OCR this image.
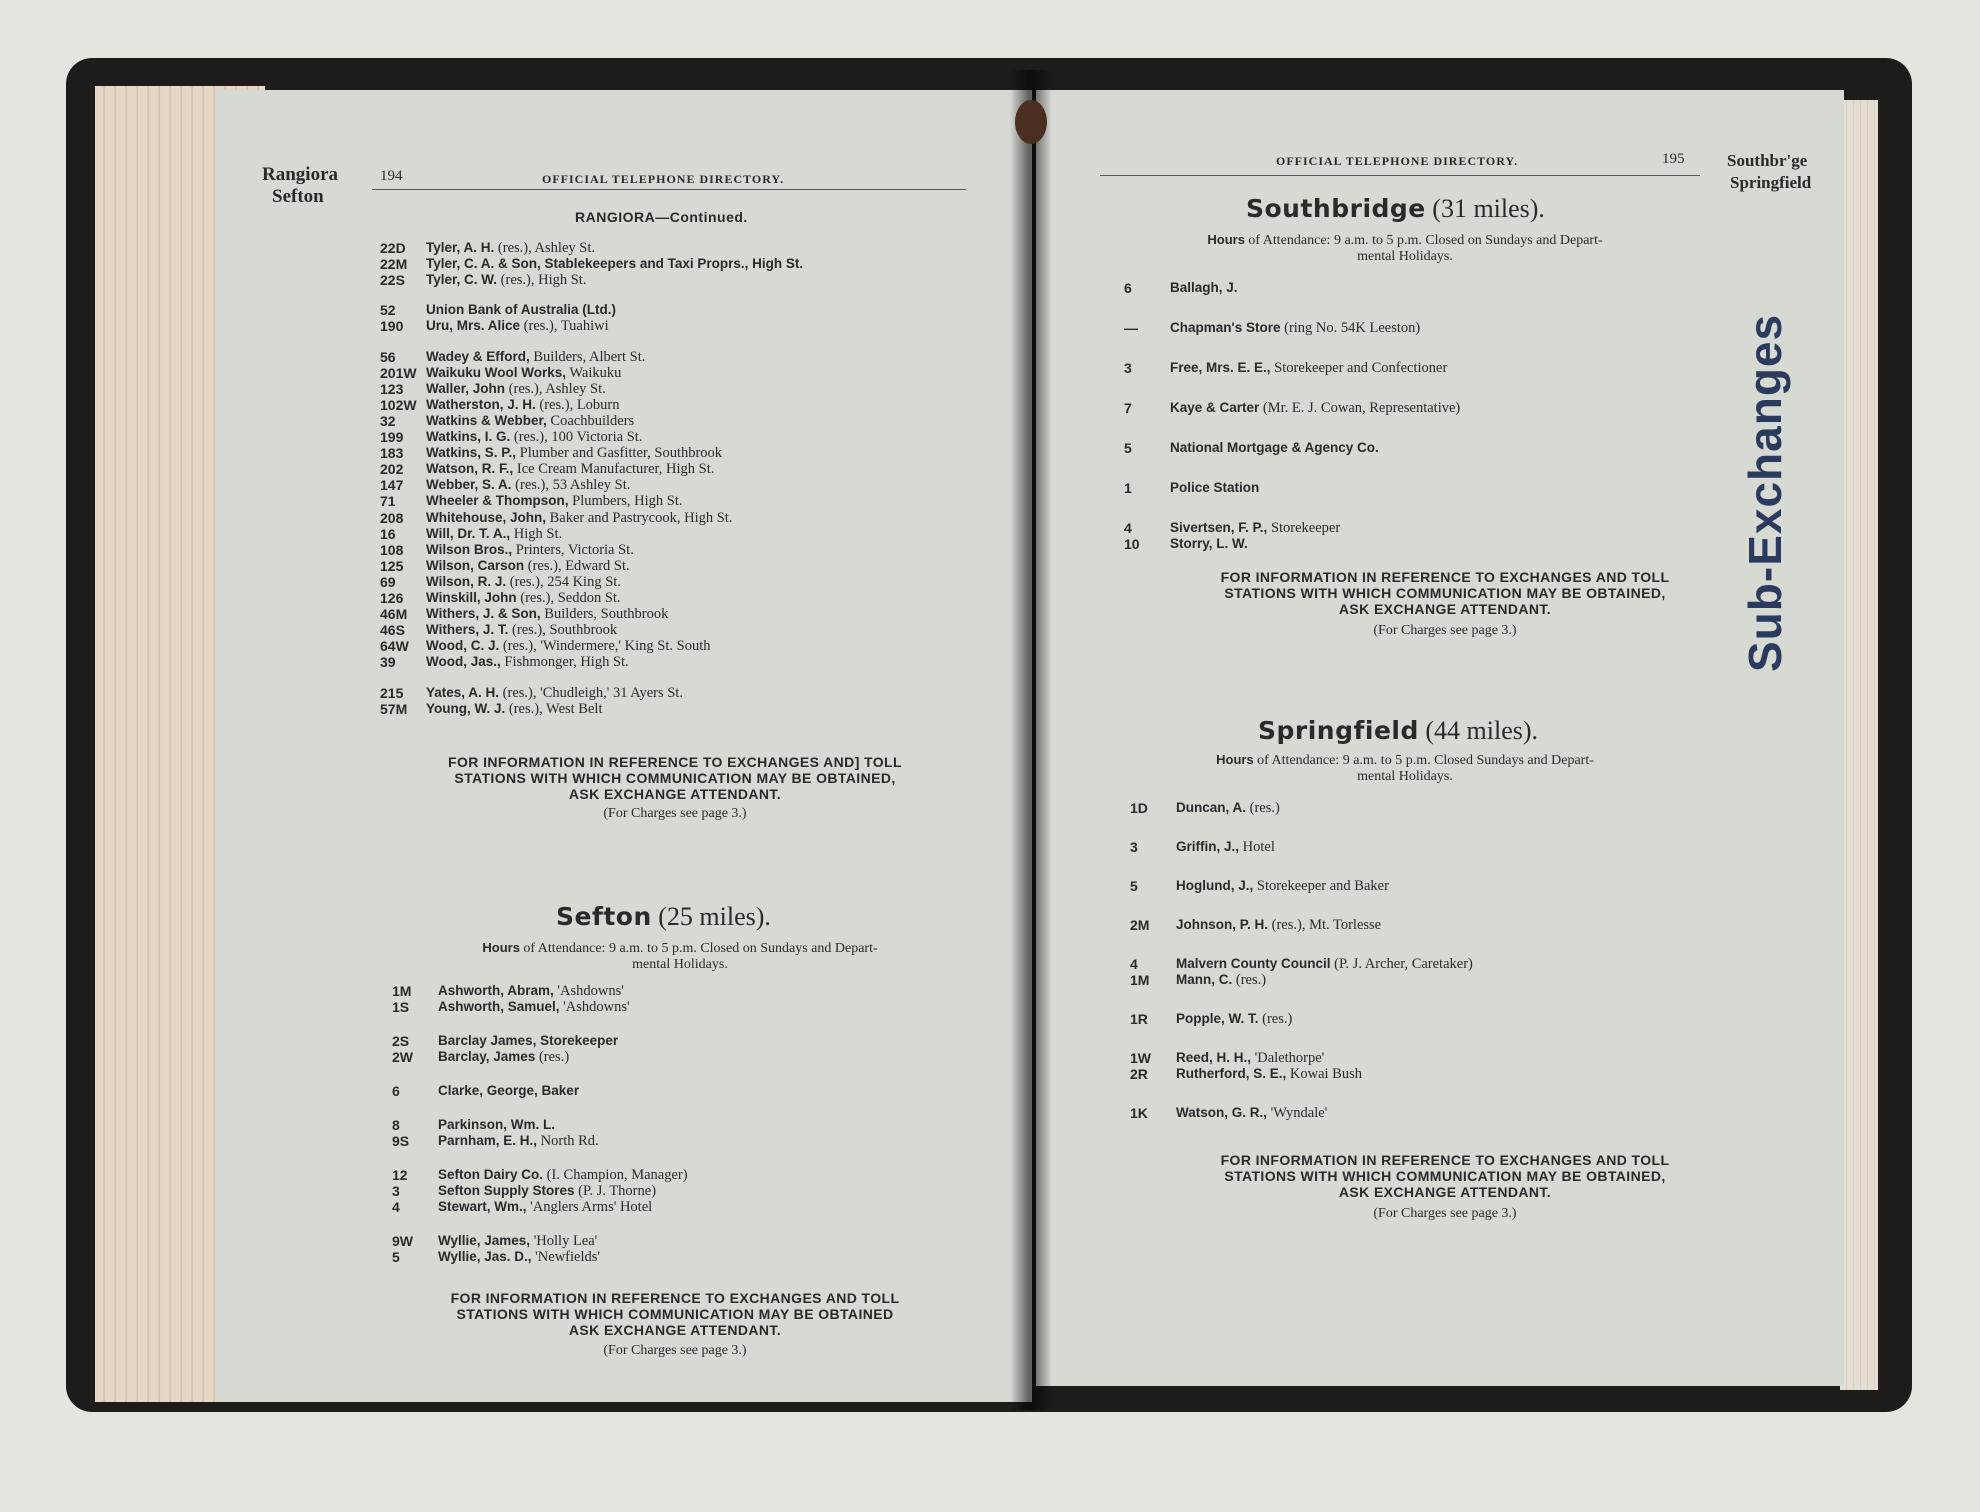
Rangiora
Sefton
194	OFFICIAL TELEPHONE DIRECTORY.
RANGIORA—Continued.
22D Tyler, A. H. (res.), Ashley St.
22M Tyler, C. A. & Son, Stablekeepers and Taxi Proprs., High St.
22S Tyler, C. W. (res.), High St.
52 Union Bank of Australia (Ltd.)
190 Uru, Mrs. Alice (res.), Tuahiwi
56 Wadey & Efford, Builders, Albert St.
201W Waikuku Wool Works, Waikuku
123 Waller, John (res.), Ashley St.
102W Watherston, J. H. (res.), Loburn
32 Watkins & Webber, Coachbuilders
199 Watkins, I. G. (res.), 100 Victoria St.
183 Watkins, S. P., Plumber and Gasfitter, Southbrook
202 Watson, R. F., Ice Cream Manufacturer, High St.
147 Webber, S. A. (res.), 53 Ashley St.
71 Wheeler & Thompson, Plumbers, High St.
208 Whitehouse, John, Baker and Pastrycook, High St.
16 Will, Dr. T. A., High St.
108 Wilson Bros., Printers, Victoria St.
125 Wilson, Carson (res.), Edward St.
69 Wilson, R. J. (res.), 254 King St.
126 Winskill, John (res.), Seddon St.
46M Withers, J. & Son, Builders, Southbrook
46S Withers, J. T. (res.), Southbrook
64W Wood, C. J. (res.), 'Windermere,' King St. South
39 Wood, Jas., Fishmonger, High St.
215 Yates, A. H. (res.), 'Chudleigh,' 31 Ayers St.
57M Young, W. J. (res.), West Belt
FOR INFORMATION IN REFERENCE TO EXCHANGES AND] TOLL
STATIONS WITH WHICH COMMUNICATION MAY BE OBTAINED,
ASK EXCHANGE ATTENDANT.
(For Charges see page 3.)
Sefton (25 miles).
Hours of Attendance: 9 a.m. to 5 p.m. Closed on Sundays and Depart-
mental Holidays.
1M Ashworth, Abram, 'Ashdowns'
1S Ashworth, Samuel, 'Ashdowns'
2S Barclay James, Storekeeper
2W Barclay, James (res.)
6	Clarke, George, Baker
8	Parkinson, Wm. L.
9S Parnham, E. H., North Rd.
12 Sefton Dairy Co. (I. Champion, Manager)
3	Sefton Supply Stores (P. J. Thorne)
4	Stewart, Wm., 'Anglers Arms' Hotel
9W Wyllie, James, 'Holly Lea'
5	Wyllie, Jas. D., 'Newfields'
FOR INFORMATION IN REFERENCE TO EXCHANGES AND TOLL
STATIONS WITH WHICH COMMUNICATION MAY BE OBTAINED
ASK EXCHANGE ATTENDANT.
(For Charges see page 3.)
OFFICIAL TELEPHONE DIRECTORY.	195	Southbr'ge
Springfield
Sub-Exchanges
Southbridge (31 miles).
Hours of Attendance: 9 a.m. to 5 p.m. Closed on Sundays and Depart-
mental Holidays.
6	Ballagh, J.
— Chapman's Store (ring No. 54K Leeston)
3	Free, Mrs. E. E., Storekeeper and Confectioner
7	Kaye & Carter (Mr. E. J. Cowan, Representative)
5	National Mortgage & Agency Co.
1	Police Station
4	Sivertsen, F. P., Storekeeper
10 Storry, L. W.
FOR INFORMATION IN REFERENCE TO EXCHANGES AND TOLL
STATIONS WITH WHICH COMMUNICATION MAY BE OBTAINED,
ASK EXCHANGE ATTENDANT.
(For Charges see page 3.)
Springfield (44 miles).
Hours of Attendance: 9 a.m. to 5 p.m. Closed Sundays and Depart-
mental Holidays.
1D Duncan, A. (res.)
3	Griffin, J., Hotel
5	Hoglund, J., Storekeeper and Baker
2M Johnson, P. H. (res.), Mt. Torlesse
4	Malvern County Council (P. J. Archer, Caretaker)
1M Mann, C. (res.)
1R Popple, W. T. (res.)
1W Reed, H. H., 'Dalethorpe'
2R Rutherford, S. E., Kowai Bush
1K Watson, G. R., 'Wyndale'
FOR INFORMATION IN REFERENCE TO EXCHANGES AND TOLL
STATIONS WITH WHICH COMMUNICATION MAY BE OBTAINED,
ASK EXCHANGE ATTENDANT.
(For Charges see page 3.)
